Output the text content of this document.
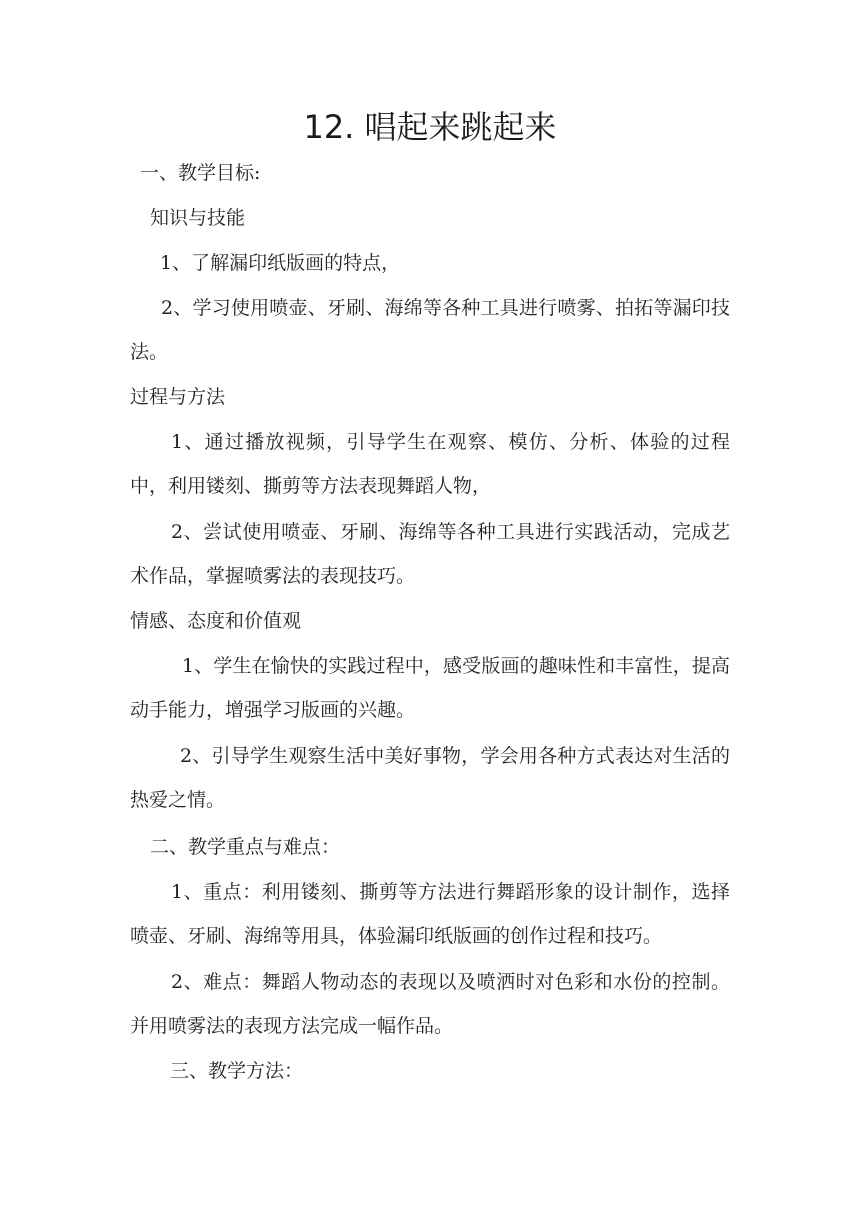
12. 唱起来跳起来
一、教学目标:
知识与技能
1、了解漏印纸版画的特点，
2、学习使用喷壶、牙刷、海绵等各种工具进行喷雾、拍拓等漏印技法。
过程与方法
1、通过播放视频，引导学生在观察、模仿、分析、体验的过程中，利用镂刻、撕剪等方法表现舞蹈人物，
2、尝试使用喷壶、牙刷、海绵等各种工具进行实践活动，完成艺术作品，掌握喷雾法的表现技巧。
情感、态度和价值观
1、学生在愉快的实践过程中，感受版画的趣味性和丰富性，提高动手能力，增强学习版画的兴趣。
2、引导学生观察生活中美好事物，学会用各种方式表达对生活的热爱之情。
二、教学重点与难点：
1、重点：利用镂刻、撕剪等方法进行舞蹈形象的设计制作，选择喷壶、牙刷、海绵等用具，体验漏印纸版画的创作过程和技巧。
2、难点：舞蹈人物动态的表现以及喷洒时对色彩和水份的控制。并用喷雾法的表现方法完成一幅作品。
三、教学方法：
